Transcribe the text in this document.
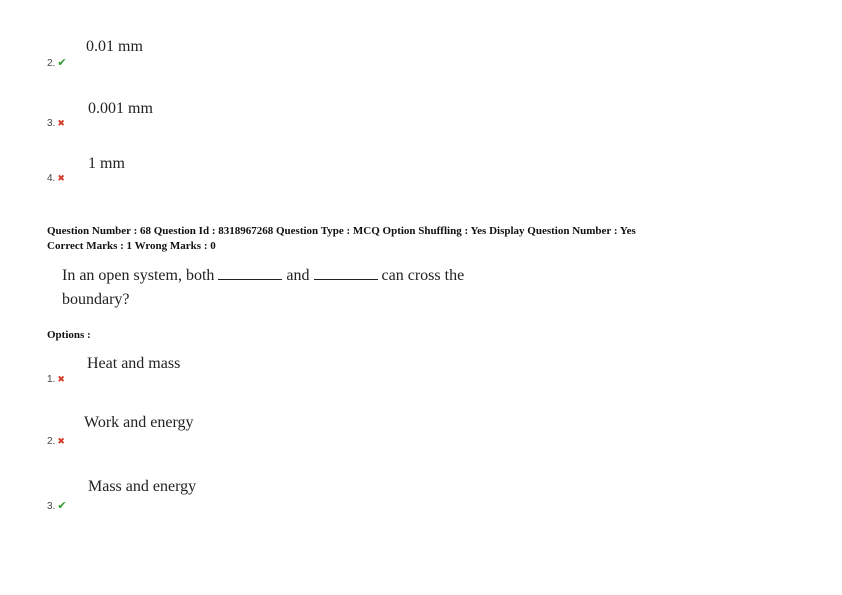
0.01 mm
2. ✔
0.001 mm
3. ✖
1 mm
4. ✖
Question Number : 68 Question Id : 8318967268 Question Type : MCQ Option Shuffling : Yes Display Question Number : Yes
Correct Marks : 1 Wrong Marks : 0
In an open system, both	and	can cross the
boundary?
Options :
Heat and mass
1. ✖
Work and energy
2. ✖
Mass and energy
3. ✔
